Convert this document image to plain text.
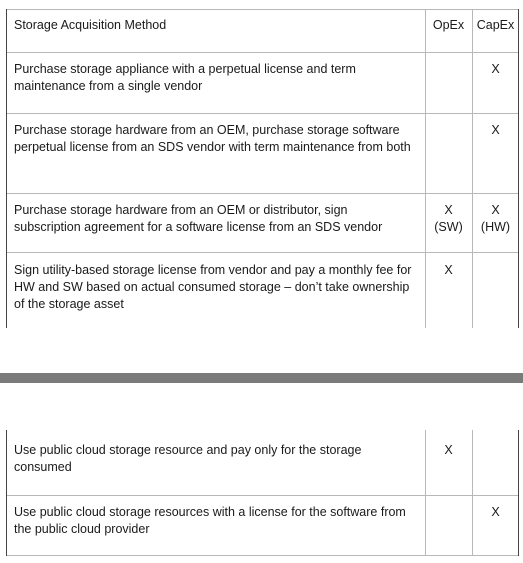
Storage Acquisition Method	OpEx	CapEx
Purchase storage appliance with a perpetual license and term maintenance from a single vendor
X
Purchase storage hardware from an OEM, purchase storage software perpetual license from an SDS vendor with term maintenance from both
X
Purchase storage hardware from an OEM or distributor, sign subscription agreement for a software license from an SDS vendor
X (SW)
X (HW)
Sign utility-based storage license from vendor and pay a monthly fee for HW and SW based on actual consumed storage – don’t take ownership of the storage asset
X
Use public cloud storage resource and pay only for the storage consumed
X
Use public cloud storage resources with a license for the software from the public cloud provider
X
